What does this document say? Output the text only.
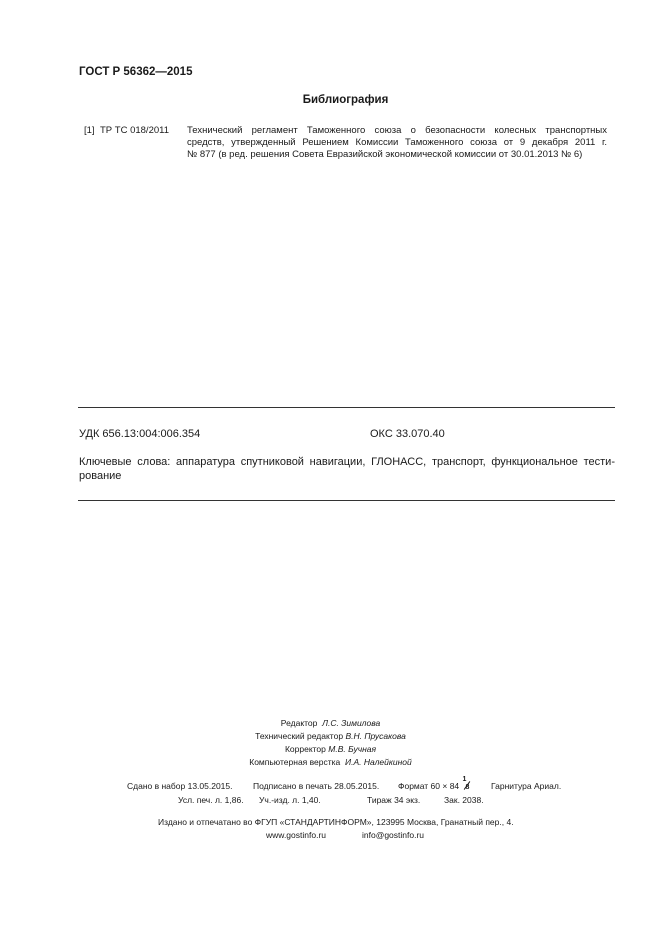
ГОСТ Р 56362—2015
Библиография
[1] ТР ТС 018/2011 Технический регламент Таможенного союза о безопасности колесных транспортных
средств, утвержденный Решением Комиссии Таможенного союза от 9 декабря 2011 г.
№ 877 (в ред. решения Совета Евразийской экономической комиссии от 30.01.2013 № 6)
УДК 656.13:004:006.354	ОКС 33.070.40
Ключевые слова: аппаратура спутниковой навигации, ГЛОНАСС, транспорт, функциональное тести-
рование
Редактор Л.С. Зимилова
Технический редактор В.Н. Прусакова
Корректор М.В. Бучная
Компьютерная верстка И.А. Налейкиной
Сдано в набор 13.05.2015. Подписано в печать 28.05.2015. Формат 60 × 84
1
8	Гарнитура Ариал.
Усл. печ. л. 1,86. Уч.-изд. л. 1,40.	Тираж 34 экз.	Зак. 2038.
Издано и отпечатано во ФГУП «СТАНДАРТИНФОРМ», 123995 Москва, Гранатный пер., 4.
www.gostinfo.ru	info@gostinfo.ru
